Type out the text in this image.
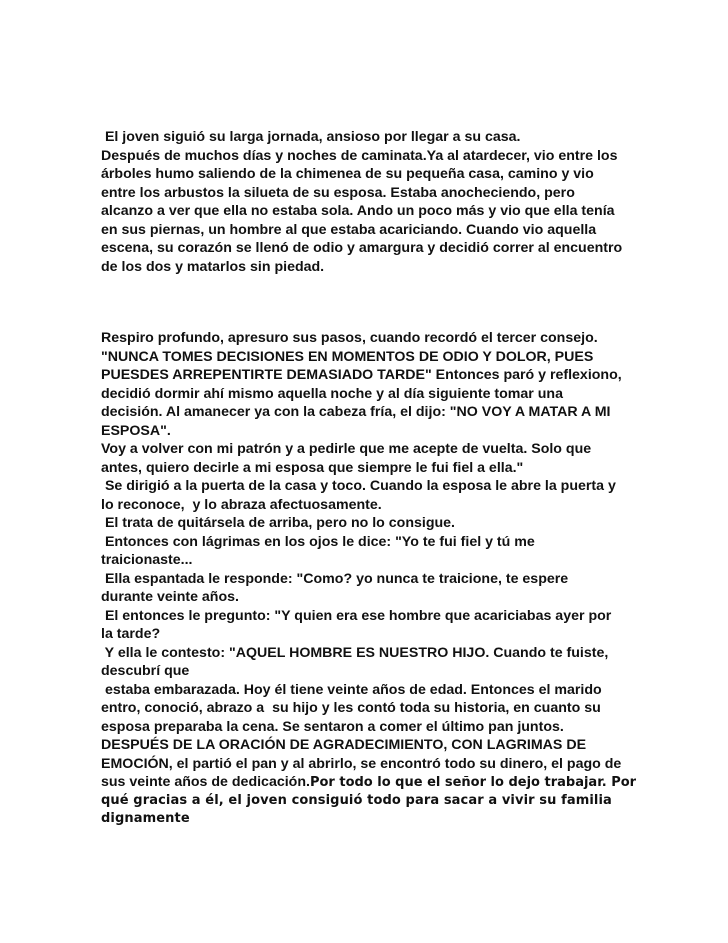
El joven siguió su larga jornada, ansioso por llegar a su casa.
Después de muchos días y noches de caminata.Ya al atardecer, vio entre los
árboles humo saliendo de la chimenea de su pequeña casa, camino y vio
entre los arbustos la silueta de su esposa. Estaba anocheciendo, pero
alcanzo a ver que ella no estaba sola. Ando un poco más y vio que ella tenía
en sus piernas, un hombre al que estaba acariciando. Cuando vio aquella
escena, su corazón se llenó de odio y amargura y decidió correr al encuentro
de los dos y matarlos sin piedad.
Respiro profundo, apresuro sus pasos, cuando recordó el tercer consejo.
"NUNCA TOMES DECISIONES EN MOMENTOS DE ODIO Y DOLOR, PUES
PUESDES ARREPENTIRTE DEMASIADO TARDE" Entonces paró y reflexiono,
decidió dormir ahí mismo aquella noche y al día siguiente tomar una
decisión. Al amanecer ya con la cabeza fría, el dijo: "NO VOY A MATAR A MI
ESPOSA".
Voy a volver con mi patrón y a pedirle que me acepte de vuelta. Solo que
antes, quiero decirle a mi esposa que siempre le fui fiel a ella."
Se dirigió a la puerta de la casa y toco. Cuando la esposa le abre la puerta y
lo reconoce,  y lo abraza afectuosamente.
El trata de quitársela de arriba, pero no lo consigue.
Entonces con lágrimas en los ojos le dice: "Yo te fui fiel y tú me
traicionaste...
Ella espantada le responde: "Como? yo nunca te traicione, te espere
durante veinte años.
El entonces le pregunto: "Y quien era ese hombre que acariciabas ayer por
la tarde?
Y ella le contesto: "AQUEL HOMBRE ES NUESTRO HIJO. Cuando te fuiste,
descubrí que
estaba embarazada. Hoy él tiene veinte años de edad. Entonces el marido
entro, conoció, abrazo a  su hijo y les contó toda su historia, en cuanto su
esposa preparaba la cena. Se sentaron a comer el último pan juntos.
DESPUÉS DE LA ORACIÓN DE AGRADECIMIENTO, CON LAGRIMAS DE
EMOCIÓN, el partió el pan y al abrirlo, se encontró todo su dinero, el pago de
sus veinte años de dedicación.Por todo lo que el señor lo dejo trabajar. Por
qué gracias a él, el joven consiguió todo para sacar a vivir su familia
dignamente
